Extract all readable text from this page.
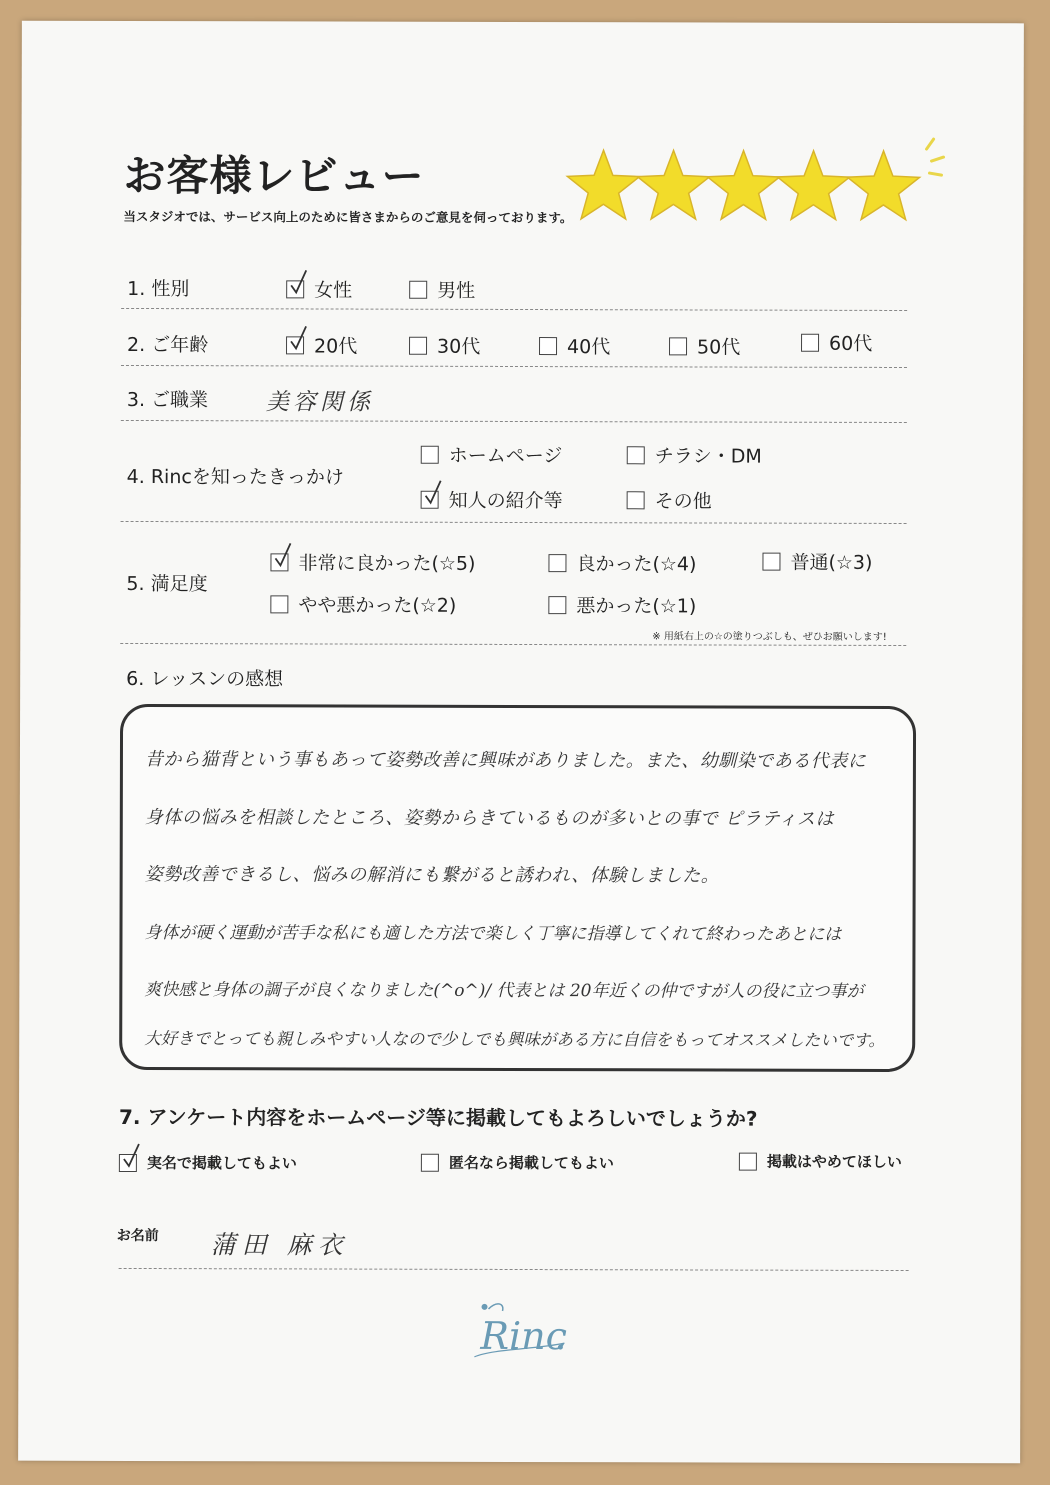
お客様レビュー
当スタジオでは、サービス向上のために皆さまからのご意見を伺っております。
1. 性別	女性	男性
2. ご年齢	20代	30代	40代	50代	60代
3. ご職業	美容関係
4. Rincを知ったきっかけ
ホームページ	チラシ・DM
知人の紹介等	その他
5. 満足度
非常に良かった(☆5)	良かった(☆4)	普通(☆3)
やや悪かった(☆2)	悪かった(☆1)
※ 用紙右上の☆の塗りつぶしも、ぜひお願いします!
6. レッスンの感想
昔から猫背という事もあって姿勢改善に興味がありました。また、幼馴染である代表に
身体の悩みを相談したところ、姿勢からきているものが多いとの事で ピラティスは
姿勢改善できるし、悩みの解消にも繋がると誘われ、体験しました。
身体が硬く運動が苦手な私にも適した方法で楽しく丁寧に指導してくれて終わったあとには
爽快感と身体の調子が良くなりました(^o^)/ 代表とは 20年近くの仲ですが人の役に立つ事が
大好きでとっても親しみやすい人なので少しでも興味がある方に自信をもってオススメしたいです。
7. アンケート内容をホームページ等に掲載してもよろしいでしょうか?
実名で掲載してもよい	匿名なら掲載してもよい	掲載はやめてほしい
お名前 蒲田 麻衣
Rinc
